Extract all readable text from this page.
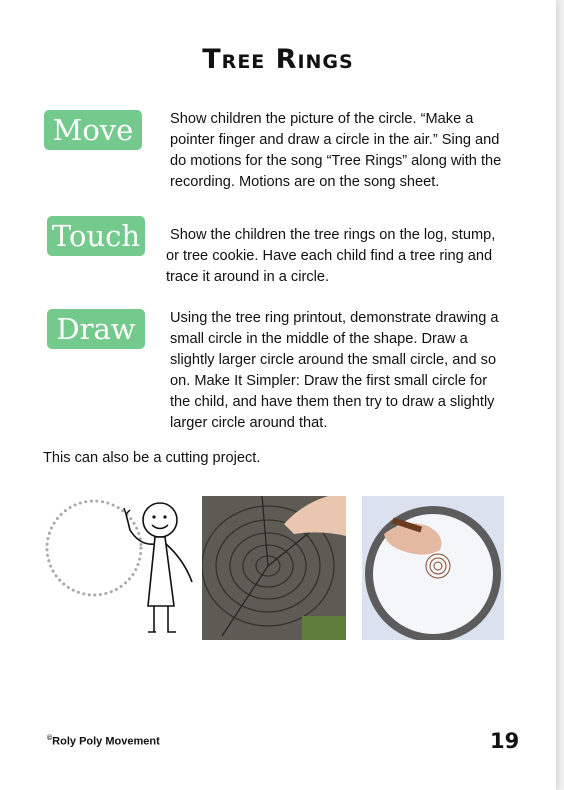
Tree Rings
Move	Show children the picture of the circle. “Make a pointer finger and draw a circle in the air.” Sing and do motions for the song “Tree Rings” along with the recording. Motions are on the song sheet.
Touch	Show the children the tree rings on the log, stump, or tree cookie. Have each child find a tree ring and trace it around in a circle.
Draw	Using the tree ring printout, demonstrate drawing a small circle in the middle of the shape. Draw a slightly larger circle around the small circle, and so on. Make It Simpler: Draw the first small circle for the child, and have them then try to draw a slightly larger circle around that.
This can also be a cutting project.
©Roly Poly Movement	19
